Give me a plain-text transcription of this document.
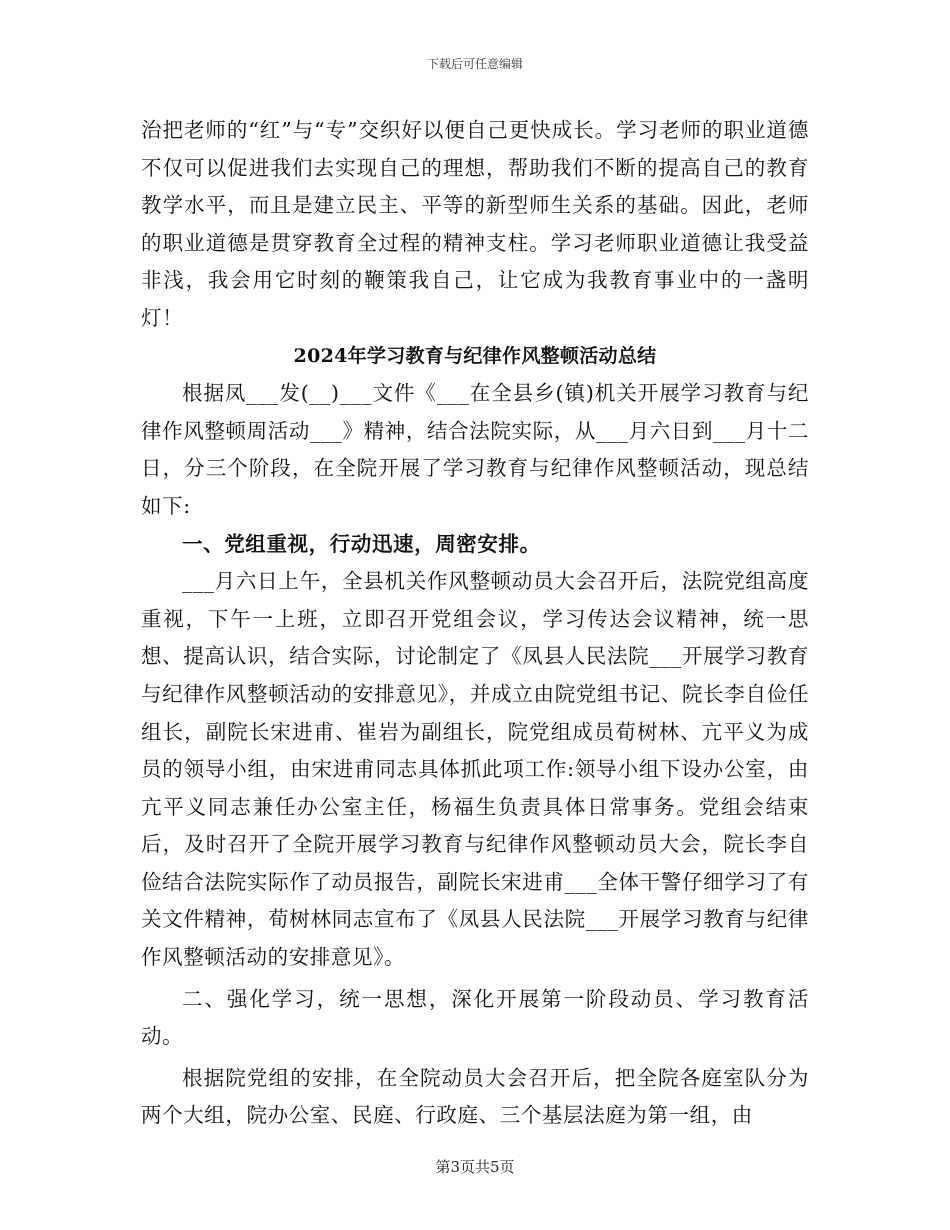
下载后可任意编辑

治把老师的“红”与“专”交织好以便自己更快成长。学习老师的职业道德不仅可以促进我们去实现自己的理想，帮助我们不断的提高自己的教育教学水平，而且是建立民主、平等的新型师生关系的基础。因此，老师的职业道德是贯穿教育全过程的精神支柱。学习老师职业道德让我受益非浅，我会用它时刻的鞭策我自己，让它成为我教育事业中的一盏明灯！

2024年学习教育与纪律作风整顿活动总结

根据凤___发(__)___文件《___在全县乡(镇)机关开展学习教育与纪律作风整顿周活动___》精神，结合法院实际，从___月六日到___月十二日，分三个阶段，在全院开展了学习教育与纪律作风整顿活动，现总结如下:

一、党组重视，行动迅速，周密安排。

___月六日上午，全县机关作风整顿动员大会召开后，法院党组高度重视，下午一上班，立即召开党组会议，学习传达会议精神，统一思想、提高认识，结合实际，讨论制定了《凤县人民法院___开展学习教育与纪律作风整顿活动的安排意见》，并成立由院党组书记、院长李自俭任组长，副院长宋进甫、崔岩为副组长，院党组成员荀树林、亢平义为成员的领导小组，由宋进甫同志具体抓此项工作:领导小组下设办公室，由亢平义同志兼任办公室主任，杨福生负责具体日常事务。党组会结束后，及时召开了全院开展学习教育与纪律作风整顿动员大会，院长李自俭结合法院实际作了动员报告，副院长宋进甫___全体干警仔细学习了有关文件精神，荀树林同志宣布了《凤县人民法院___开展学习教育与纪律作风整顿活动的安排意见》。

二、强化学习，统一思想，深化开展第一阶段动员、学习教育活动。

根据院党组的安排，在全院动员大会召开后，把全院各庭室队分为两个大组，院办公室、民庭、行政庭、三个基层法庭为第一组，由

第3页共5页
